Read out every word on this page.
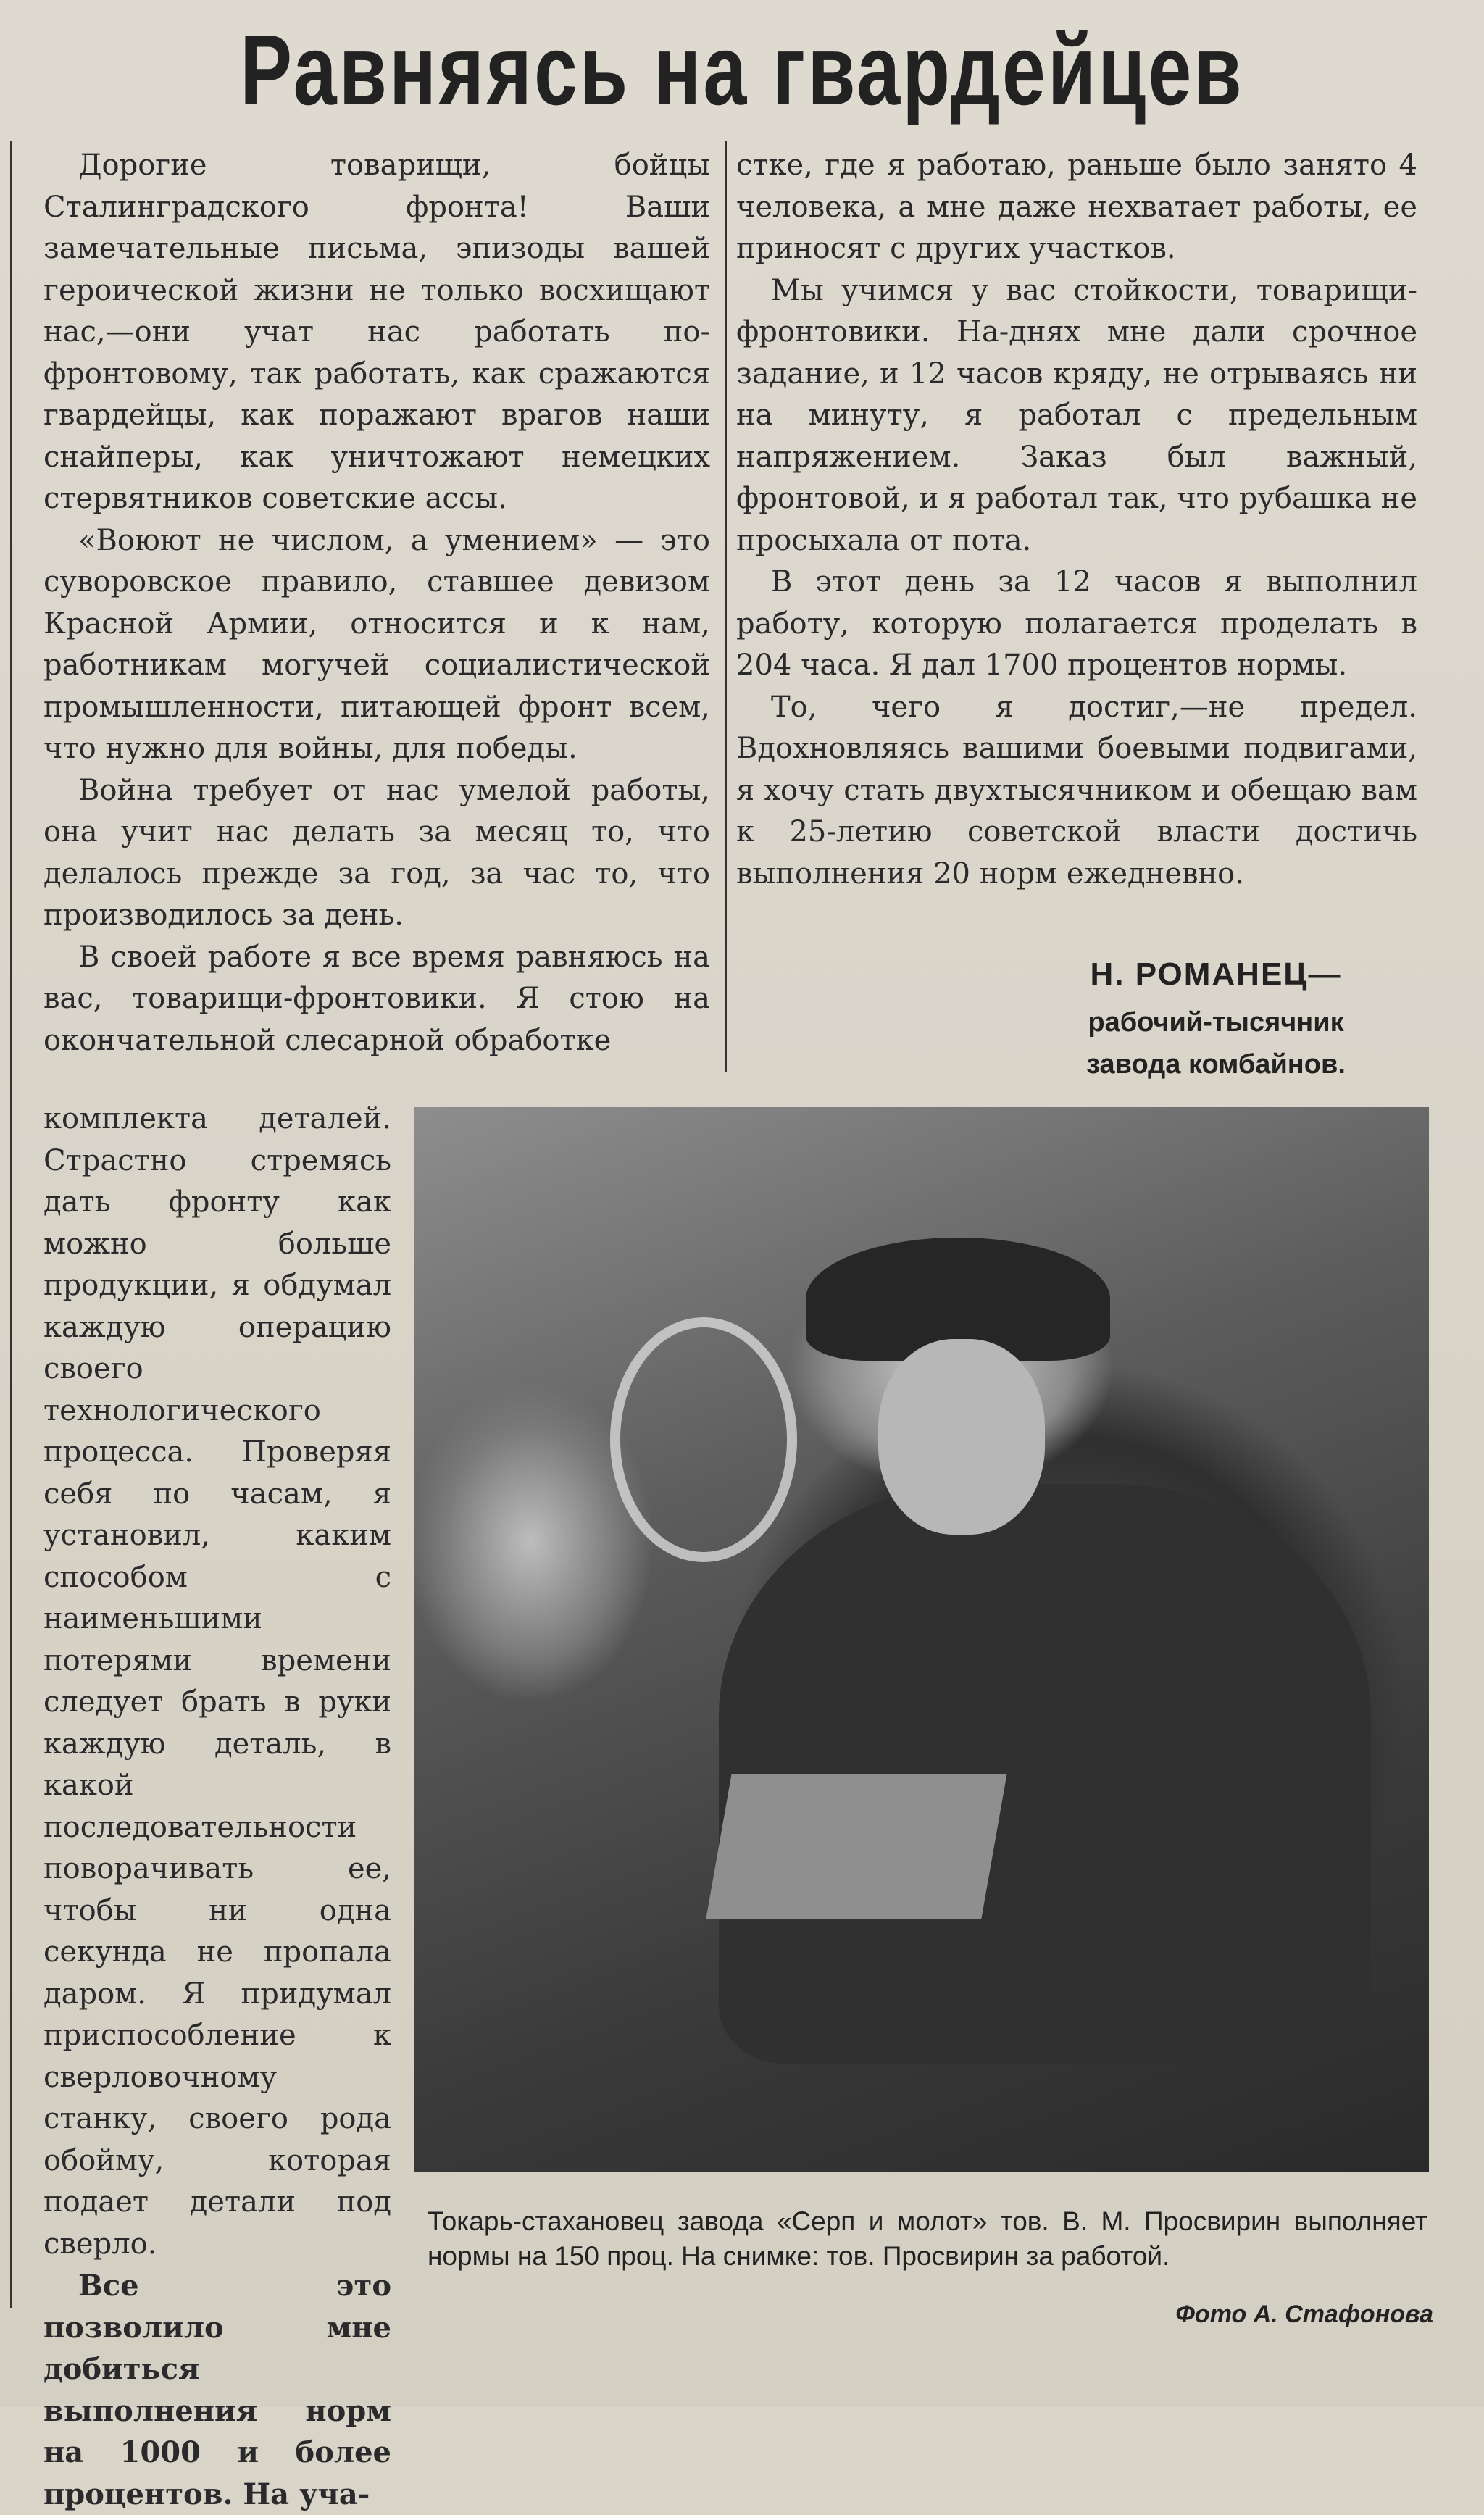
Равняясь на гвардейцев

Дорогие товарищи, бойцы Сталинградского фронта! Ваши замечательные письма, эпизоды вашей героической жизни не только восхищают нас,—они учат нас работать по-фронтовому, так работать, как сражаются гвардейцы, как поражают врагов наши снайперы, как уничтожают немецких стервятников советские ассы.

«Воюют не числом, а умением» — это суворовское правило, ставшее девизом Красной Армии, относится и к нам, работникам могучей социалистической промышленности, питающей фронт всем, что нужно для войны, для победы.

Война требует от нас умелой работы, она учит нас делать за месяц то, что делалось прежде за год, за час то, что производилось за день.

В своей работе я все время равняюсь на вас, товарищи-фронтовики. Я стою на окончательной слесарной обработке

комплекта деталей. Страстно стремясь дать фронту как можно больше продукции, я обдумал каждую операцию своего технологического процесса. Проверяя себя по часам, я установил, каким способом с наименьшими потерями времени следует брать в руки каждую деталь, в какой последовательности поворачивать ее, чтобы ни одна секунда не пропала даром. Я придумал приспособление к сверловочному станку, своего рода обойму, которая подает детали под сверло.

Все это позволило мне добиться выполнения норм на 1000 и более процентов. На уча-

стке, где я работаю, раньше было занято 4 человека, а мне даже нехватает работы, ее приносят с других участков.

Мы учимся у вас стойкости, товарищи-фронтовики. На-днях мне дали срочное задание, и 12 часов кряду, не отрываясь ни на минуту, я работал с предельным напряжением. Заказ был важный, фронтовой, и я работал так, что рубашка не просыхала от пота.

В этот день за 12 часов я выполнил работу, которую полагается проделать в 204 часа. Я дал 1700 процентов нормы.

То, чего я достиг,—не предел. Вдохновляясь вашими боевыми подвигами, я хочу стать двухтысячником и обещаю вам к 25-летию советской власти достичь выполнения 20 норм ежедневно.

Н. РОМАНЕЦ—
рабочий-тысячник
завода комбайнов.
Токарь-стахановец завода «Серп и молот» тов. В. М. Просвирин выполняет нормы на 150 проц. На снимке: тов. Просвирин за работой.
Фото А. Стафонова
